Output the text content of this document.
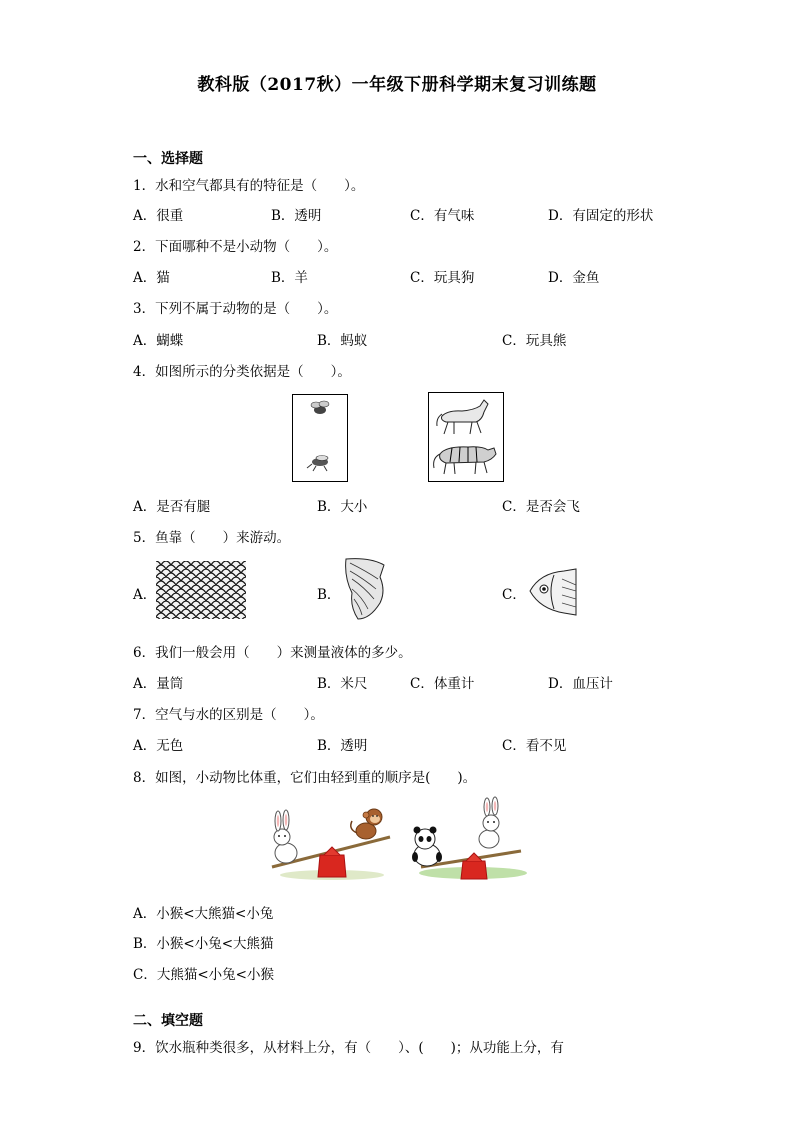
教科版（2017秋）一年级下册科学期末复习训练题
一、选择题
1．水和空气都具有的特征是（　　）。
A．很重	B．透明	C．有气味	D．有固定的形状
2．下面哪种不是小动物（　　）。
A．猫	B．羊	C．玩具狗	D．金鱼
3．下列不属于动物的是（　　）。
A．蝴蝶	B．蚂蚁	C．玩具熊
4．如图所示的分类依据是（　　）。
A．是否有腿	B．大小	C．是否会飞
5．鱼靠（　　）来游动。
A．	B．	C．
6．我们一般会用（　　）来测量液体的多少。
A．量筒	B．米尺	C．体重计	D．血压计
7．空气与水的区别是（　　）。
A．无色	B．透明	C．看不见
8．如图，小动物比体重，它们由轻到重的顺序是(　　)。
A．小猴<大熊猫<小兔
B．小猴<小兔<大熊猫
C．大熊猫<小兔<小猴
二、填空题
9．饮水瓶种类很多，从材料上分，有（　　）、(　　)；从功能上分，有
